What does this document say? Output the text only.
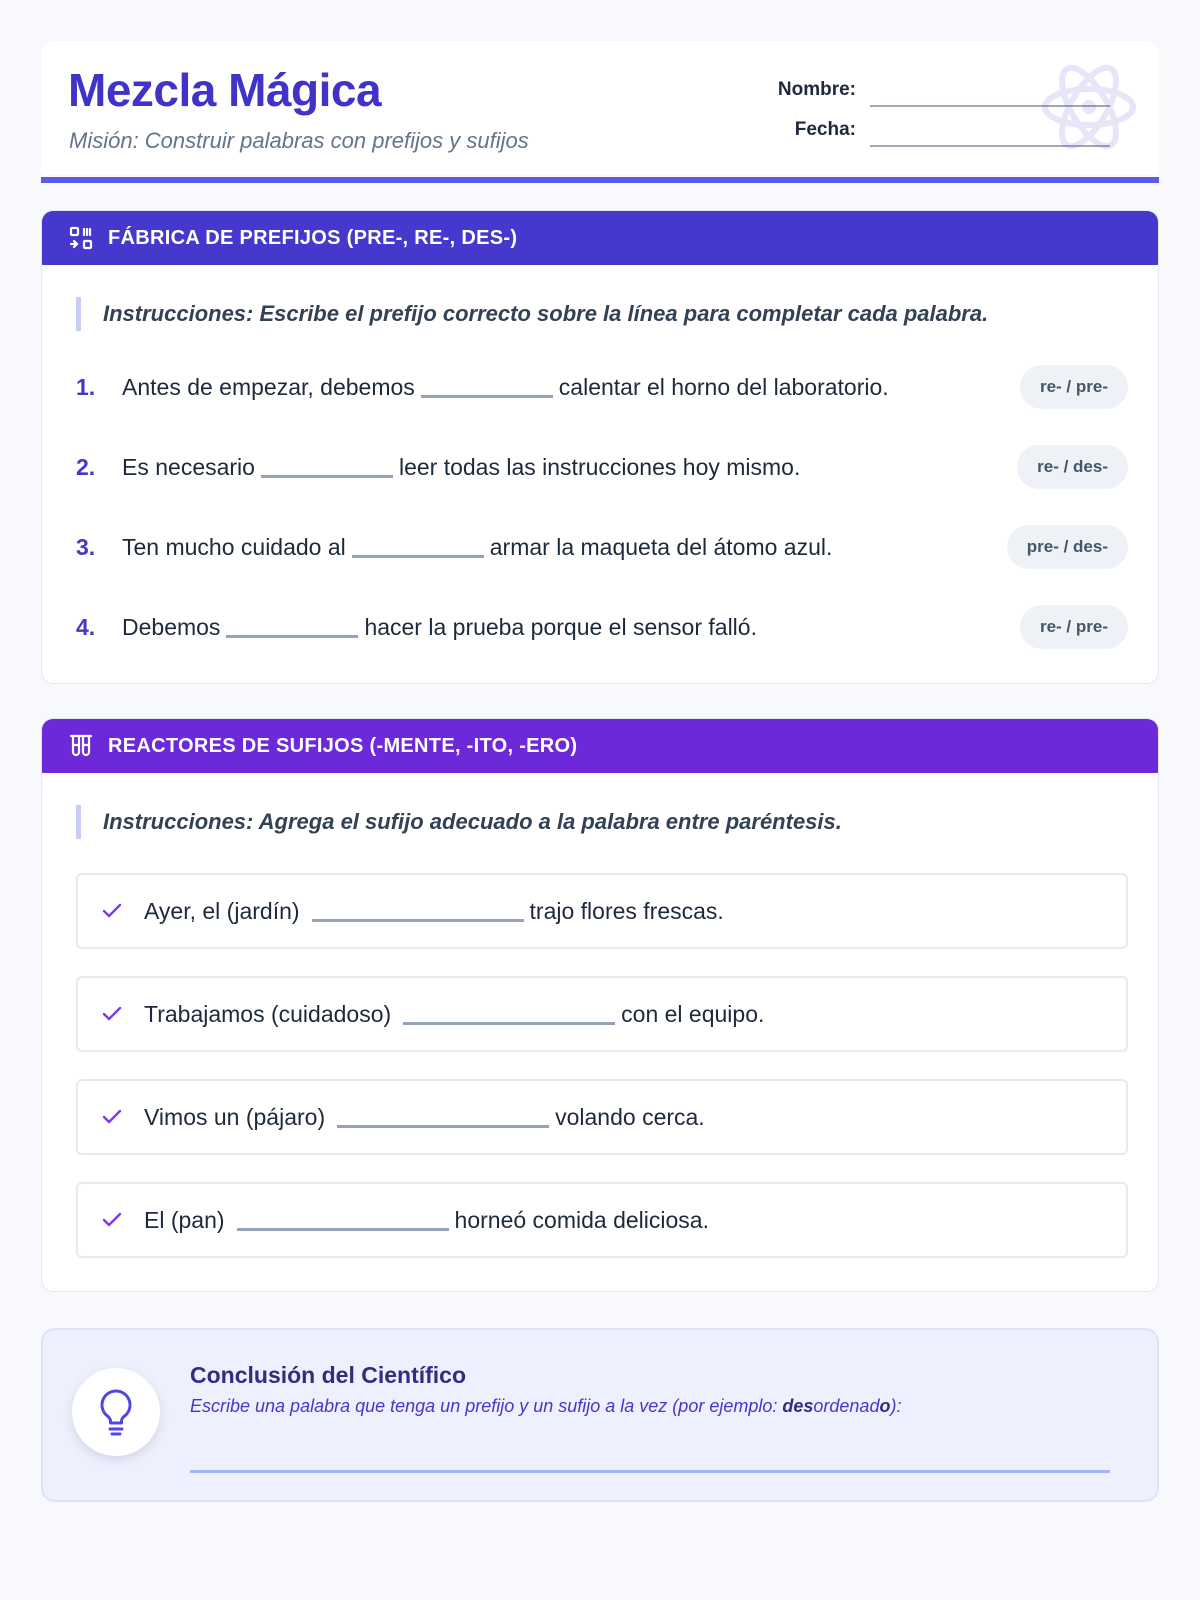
Mezcla Mágica

Misión: Construir palabras con prefijos y sufijos

Nombre:
Fecha:
FÁBRICA DE PREFIJOS (PRE-, RE-, DES-)
Instrucciones: Escribe el prefijo correcto sobre la línea para completar cada palabra.
1.	Antes de empezar, debemos	calentar el horno del laboratorio.	re- / pre-
2.	Es necesario	leer todas las instrucciones hoy mismo.	re- / des-
3.	Ten mucho cuidado al	armar la maqueta del átomo azul.	pre- / des-
4.	Debemos	hacer la prueba porque el sensor falló.	re- / pre-
REACTORES DE SUFIJOS (-MENTE, -ITO, -ERO)
Instrucciones: Agrega el sufijo adecuado a la palabra entre paréntesis.
Ayer, el (jardín)	trajo flores frescas.
Trabajamos (cuidadoso)	con el equipo.
Vimos un (pájaro)	volando cerca.
El (pan)	horneó comida deliciosa.
Conclusión del Científico
Escribe una palabra que tenga un prefijo y un sufijo a la vez (por ejemplo: desordenado):
